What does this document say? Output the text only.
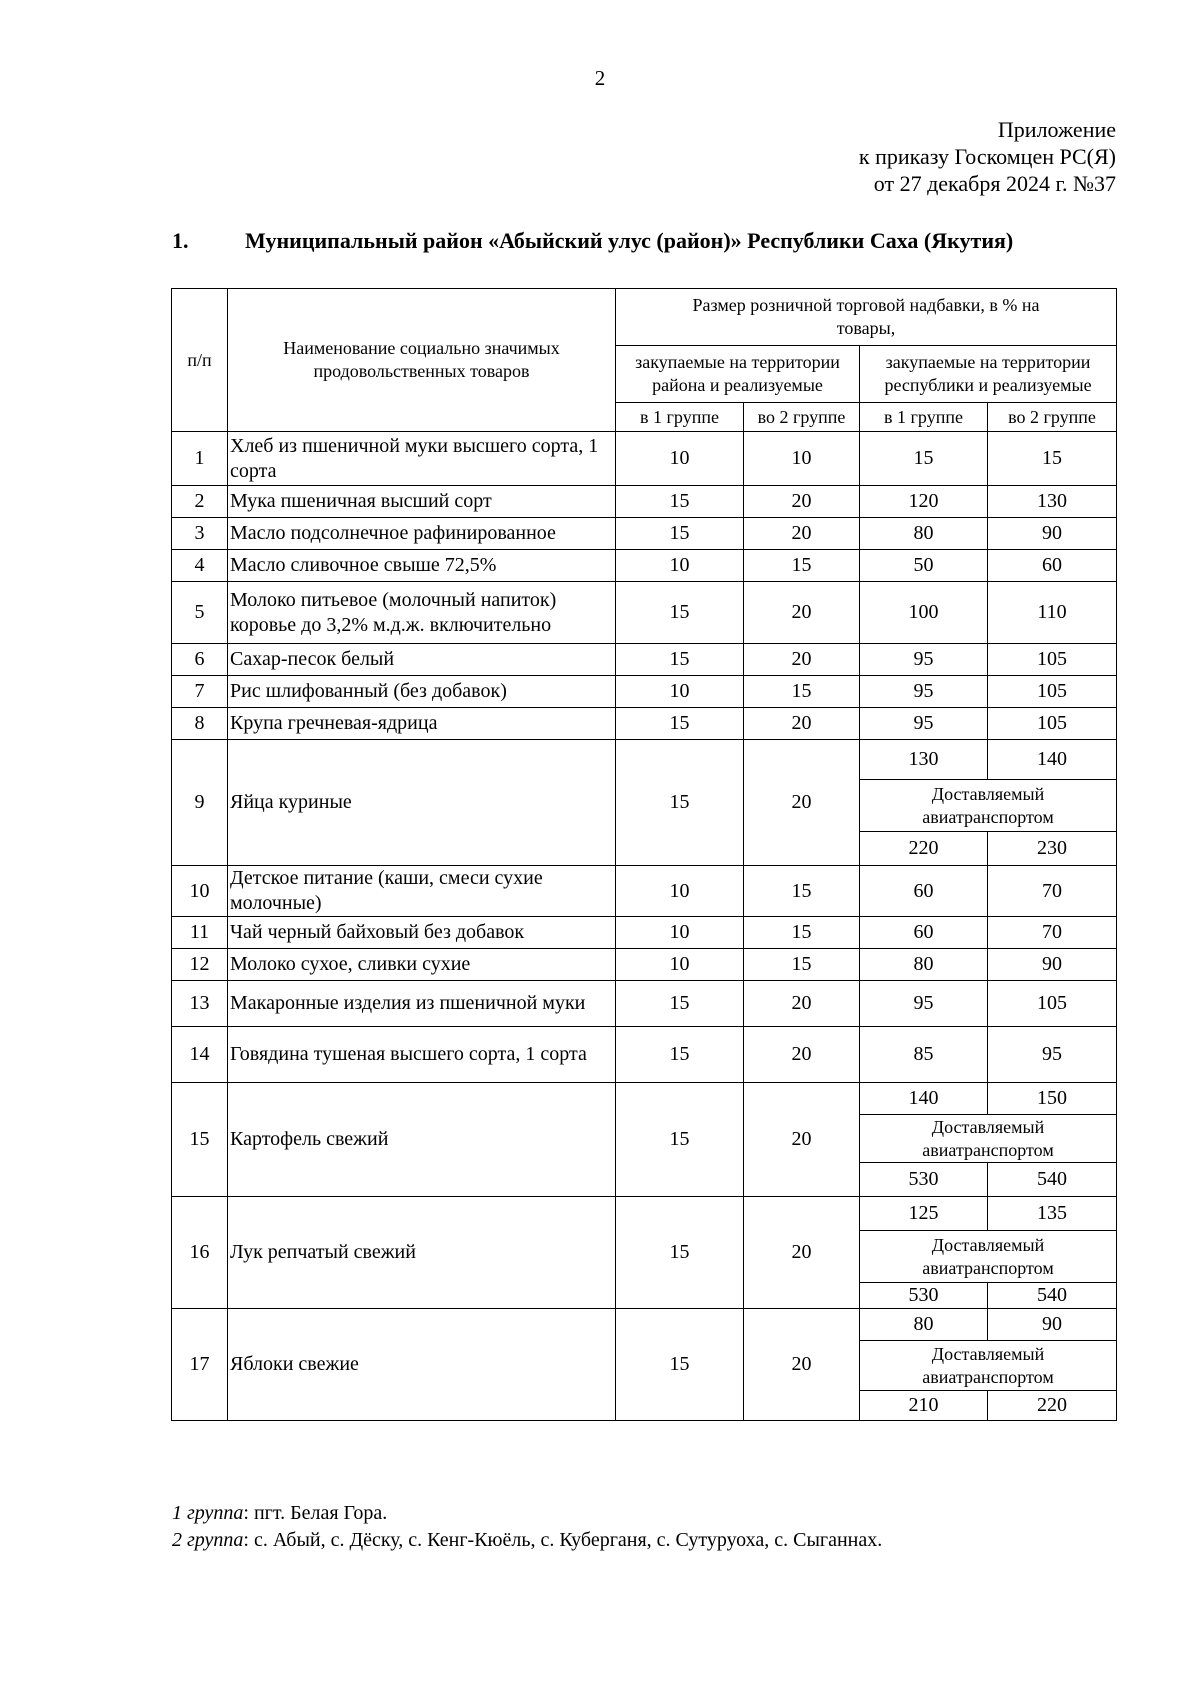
2
Приложение
к приказу Госкомцен РС(Я)
от 27 декабря 2024 г. №37
1.	Муниципальный район «Абыйский улус (район)» Республики Саха (Якутия)
п/п	Наименование социально значимых продовольственных товаров	Размер розничной торговой надбавки, в % на товары,			
		закупаемые на территории района и реализуемые		закупаемые на территории республики и реализуемые	
		в 1 группе	во 2 группе	в 1 группе	во 2 группе
1	Хлеб из пшеничной муки высшего сорта, 1 сорта	10	10	15	15
2	Мука пшеничная высший сорт	15	20	120	130
3	Масло подсолнечное рафинированное	15	20	80	90
4	Масло сливочное свыше 72,5%	10	15	50	60
5	Молоко питьевое (молочный напиток) коровье до 3,2% м.д.ж. включительно	15	20	100	110
6	Сахар-песок белый	15	20	95	105
7	Рис шлифованный (без добавок)	10	15	95	105
8	Крупа гречневая-ядрица	15	20	95	105
9	Яйца куриные	15	20	130	140
				Доставляемый авиатранспортом	
				220	230
10	Детское питание (каши, смеси сухие молочные)	10	15	60	70
11	Чай черный байховый без добавок	10	15	60	70
12	Молоко сухое, сливки сухие	10	15	80	90
13	Макаронные изделия из пшеничной муки	15	20	95	105
14	Говядина тушеная высшего сорта, 1 сорта	15	20	85	95
15	Картофель свежий	15	20	140	150
				Доставляемый авиатранспортом	
				530	540
16	Лук репчатый свежий	15	20	125	135
				Доставляемый авиатранспортом	
				530	540
17	Яблоки свежие	15	20	80	90
				Доставляемый авиатранспортом	
				210	220
1 группа: пгт. Белая Гора.
2 группа: с. Абый, с. Дёску, с. Кенг-Кюёль, с. Куберганя, с. Сутуруоха, с. Сыганнах.
